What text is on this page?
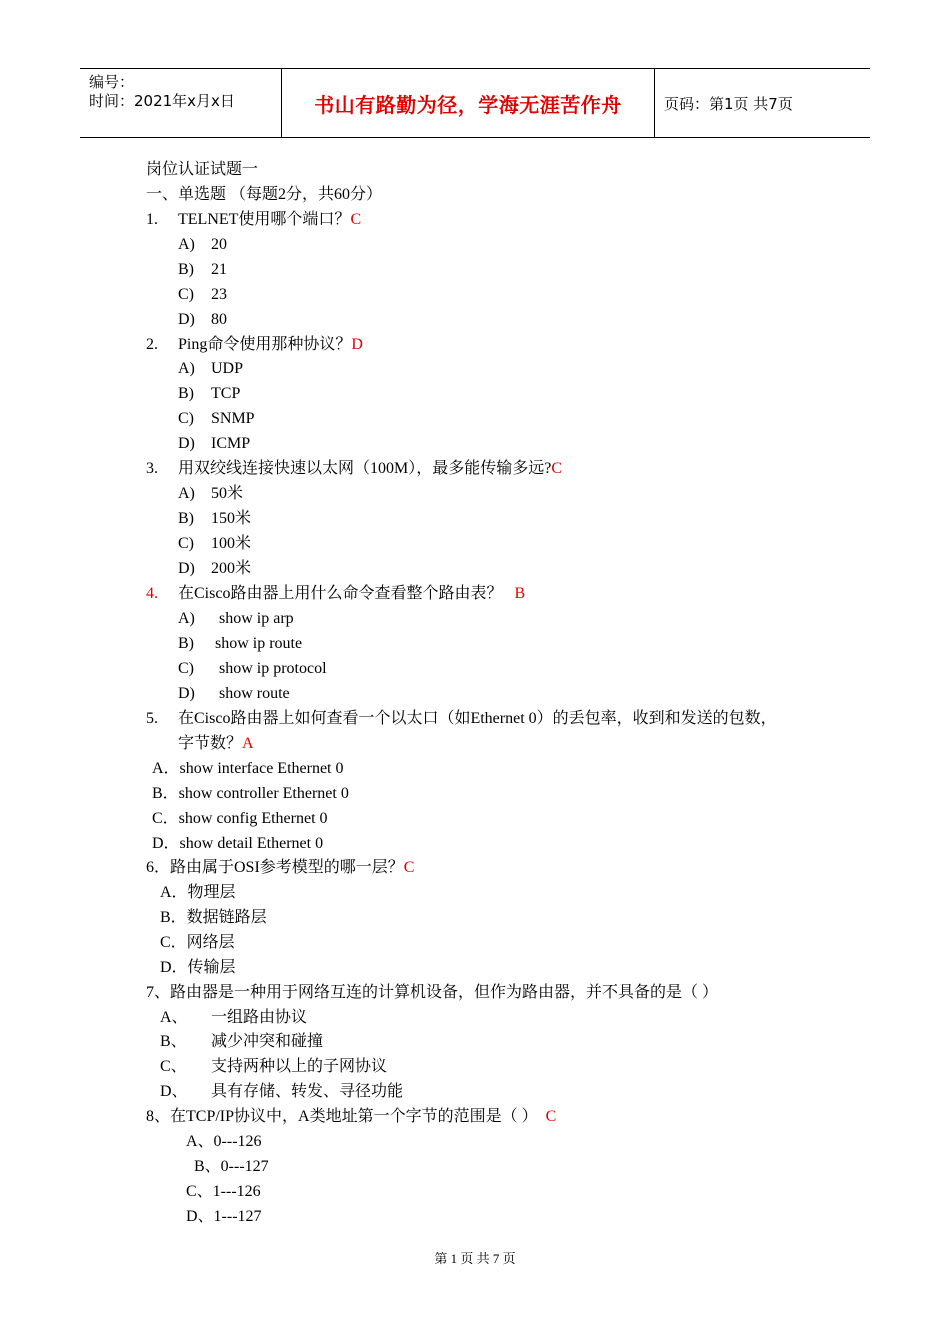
编号：
时间：2021年x月x日	书山有路勤为径，学海无涯苦作舟	页码：第1页 共7页
岗位认证试题一
一、单选题 （每题2分，共60分）
1. TELNET使用哪个端口？C
A) 20
B) 21
C) 23
D) 80
2. Ping命令使用那种协议？D
A) UDP
B) TCP
C) SNMP
D) ICMP
3. 用双绞线连接快速以太网（100M），最多能传输多远?C
A) 50米
B) 150米
C) 100米
D) 200米
4. 在Cisco路由器上用什么命令查看整个路由表？ B
A) show ip arp
B) show ip route
C) show ip protocol
D) show route
5. 在Cisco路由器上如何查看一个以太口（如Ethernet 0）的丢包率，收到和发送的包数，
字节数？A
A．show interface Ethernet 0
B．show controller Ethernet 0
C．show config Ethernet 0
D．show detail Ethernet 0
6．路由属于OSI参考模型的哪一层？C
A．物理层
B．数据链路层
C．网络层
D．传输层
7、路由器是一种用于网络互连的计算机设备，但作为路由器，并不具备的是（ ）
A、 一组路由协议
B、 减少冲突和碰撞
C、 支持两种以上的子网协议
D、 具有存储、转发、寻径功能
8、在TCP/IP协议中，A类地址第一个字节的范围是（ ） C
A、0---126
B、0---127
C、1---126
D、1---127
第 1 页 共 7 页
